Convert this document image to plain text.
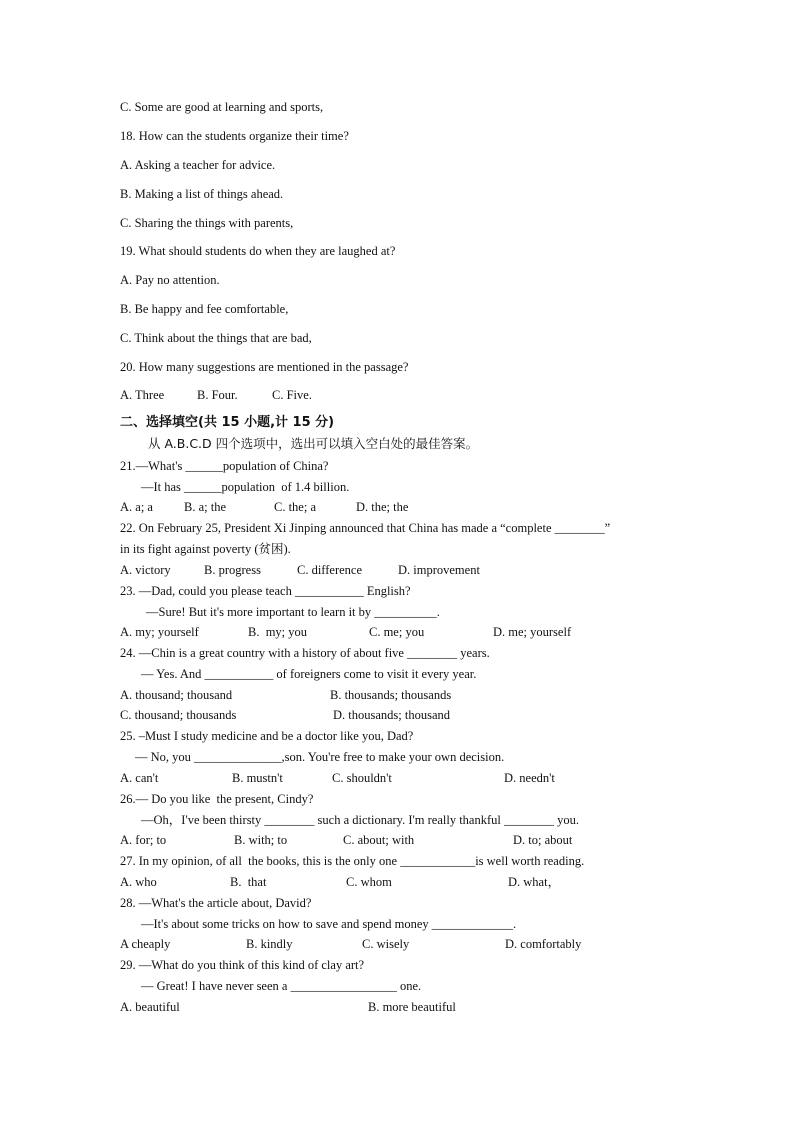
C. Some are good at learning and sports,
18. How can the students organize their time?
A. Asking a teacher for advice.
B. Making a list of things ahead.
C. Sharing the things with parents,
19. What should students do when they are laughed at?
A. Pay no attention.
B. Be happy and fee comfortable,
C. Think about the things that are bad,
20. How many suggestions are mentioned in the passage?
A. Three	B. Four.	C. Five.
二、选择填空(共 15 小题,计 15 分)
从 A.B.C.D 四个选项中，选出可以填入空白处的最佳答案。
21.—What's ______population of China?
—It has ______population  of 1.4 billion.
A. a; a B. a; the	C. the; a	D. the; the
22. On February 25, President Xi Jinping announced that China has made a “complete ________”
in its fight against poverty (贫困).
A. victory	B. progress	C. difference	D. improvement
23. —Dad, could you please teach ___________ English?
—Sure! But it's more important to learn it by __________.
A. my; yourself	B.  my; you	C. me; you	D. me; yourself
24. —Chin is a great country with a history of about five ________ years.
— Yes. And ___________ of foreigners come to visit it every year.
A. thousand; thousand	B. thousands; thousands
C. thousand; thousands	D. thousands; thousand
25. –Must I study medicine and be a doctor like you, Dad?
— No, you ______________,son. You're free to make your own decision.
A. can't	B. mustn't	C. shouldn't	D. needn't
26.— Do you like  the present, Cindy?
—Oh，I've been thirsty ________ such a dictionary. I'm really thankful ________ you.
A. for; to	B. with; to	C. about; with	D. to; about
27. In my opinion, of all  the books, this is the only one ____________is well worth reading.
A. who	B.  that	C. whom	D. what，
28. —What's the article about, David?
—It's about some tricks on how to save and spend money _____________.
A cheaply	B. kindly	C. wisely	D. comfortably
29. —What do you think of this kind of clay art?
— Great! I have never seen a _________________ one.
A. beautiful	B. more beautiful
